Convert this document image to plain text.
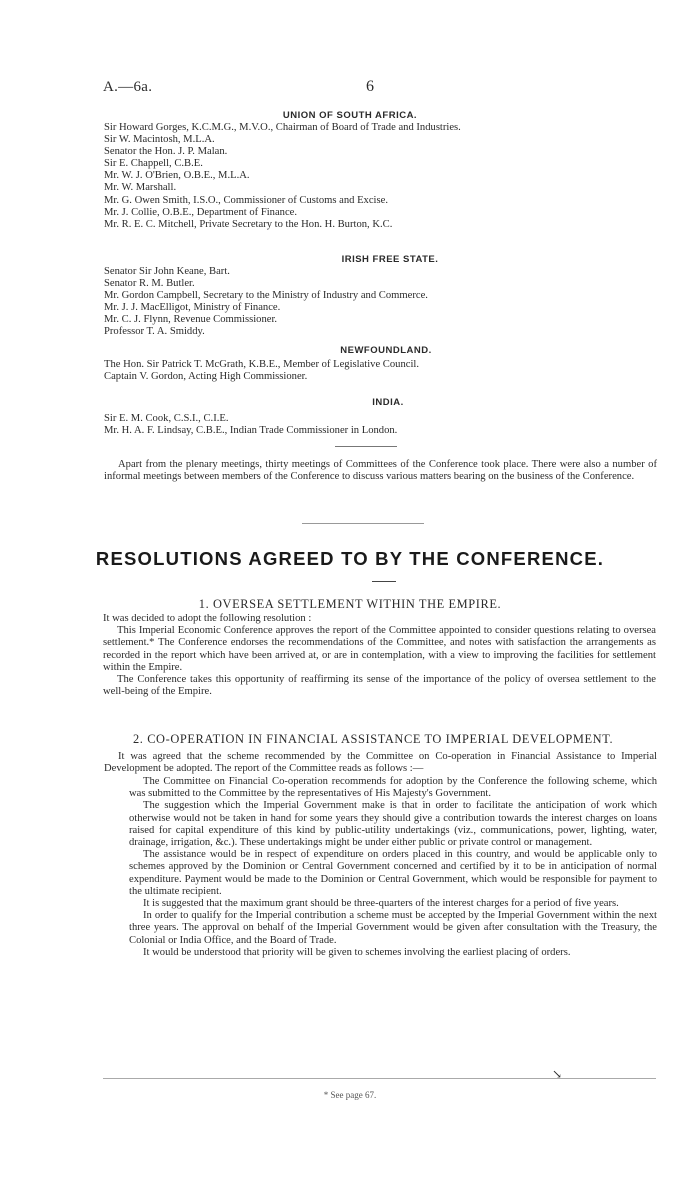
A.—6a.	6
UNION OF SOUTH AFRICA.
Sir Howard Gorges, K.C.M.G., M.V.O., Chairman of Board of Trade and Industries.
Sir W. Macintosh, M.L.A.
Senator the Hon. J. P. Malan.
Sir E. Chappell, C.B.E.
Mr. W. J. O'Brien, O.B.E., M.L.A.
Mr. W. Marshall.
Mr. G. Owen Smith, I.S.O., Commissioner of Customs and Excise.
Mr. J. Collie, O.B.E., Department of Finance.
Mr. R. E. C. Mitchell, Private Secretary to the Hon. H. Burton, K.C.
IRISH FREE STATE.
Senator Sir John Keane, Bart.
Senator R. M. Butler.
Mr. Gordon Campbell, Secretary to the Ministry of Industry and Commerce.
Mr. J. J. MacElligot, Ministry of Finance.
Mr. C. J. Flynn, Revenue Commissioner.
Professor T. A. Smiddy.
NEWFOUNDLAND.
The Hon. Sir Patrick T. McGrath, K.B.E., Member of Legislative Council.
Captain V. Gordon, Acting High Commissioner.
INDIA.
Sir E. M. Cook, C.S.I., C.I.E.
Mr. H. A. F. Lindsay, C.B.E., Indian Trade Commissioner in London.
Apart from the plenary meetings, thirty meetings of Committees of the Conference took place. There were also a number of informal meetings between members of the Conference to discuss various matters bearing on the business of the Conference.
RESOLUTIONS AGREED TO BY THE CONFERENCE.
1. OVERSEA SETTLEMENT WITHIN THE EMPIRE.
It was decided to adopt the following resolution :
This Imperial Economic Conference approves the report of the Committee appointed to consider questions relating to oversea settlement.* The Conference endorses the recommendations of the Committee, and notes with satisfaction the arrangements as recorded in the report which have been arrived at, or are in contemplation, with a view to improving the facilities for settlement within the Empire.
The Conference takes this opportunity of reaffirming its sense of the importance of the policy of oversea settlement to the well-being of the Empire.
2. CO-OPERATION IN FINANCIAL ASSISTANCE TO IMPERIAL DEVELOPMENT.
It was agreed that the scheme recommended by the Committee on Co-operation in Financial Assistance to Imperial Development be adopted. The report of the Committee reads as follows :—
The Committee on Financial Co-operation recommends for adoption by the Conference the following scheme, which was submitted to the Committee by the representatives of His Majesty's Government.
The suggestion which the Imperial Government make is that in order to facilitate the anticipation of work which otherwise would not be taken in hand for some years they should give a contribution towards the interest charges on loans raised for capital expenditure of this kind by public-utility undertakings (viz., communications, power, lighting, water, drainage, irrigation, &c.). These undertakings might be under either public or private control or management.
The assistance would be in respect of expenditure on orders placed in this country, and would be applicable only to schemes approved by the Dominion or Central Government concerned and certified by it to be in anticipation of normal expenditure. Payment would be made to the Dominion or Central Government, which would be responsible for payment to the ultimate recipient.
It is suggested that the maximum grant should be three-quarters of the interest charges for a period of five years.
In order to qualify for the Imperial contribution a scheme must be accepted by the Imperial Government within the next three years. The approval on behalf of the Imperial Government would be given after consultation with the Treasury, the Colonial or India Office, and the Board of Trade.
It would be understood that priority will be given to schemes involving the earliest placing of orders.
↘
* See page 67.
